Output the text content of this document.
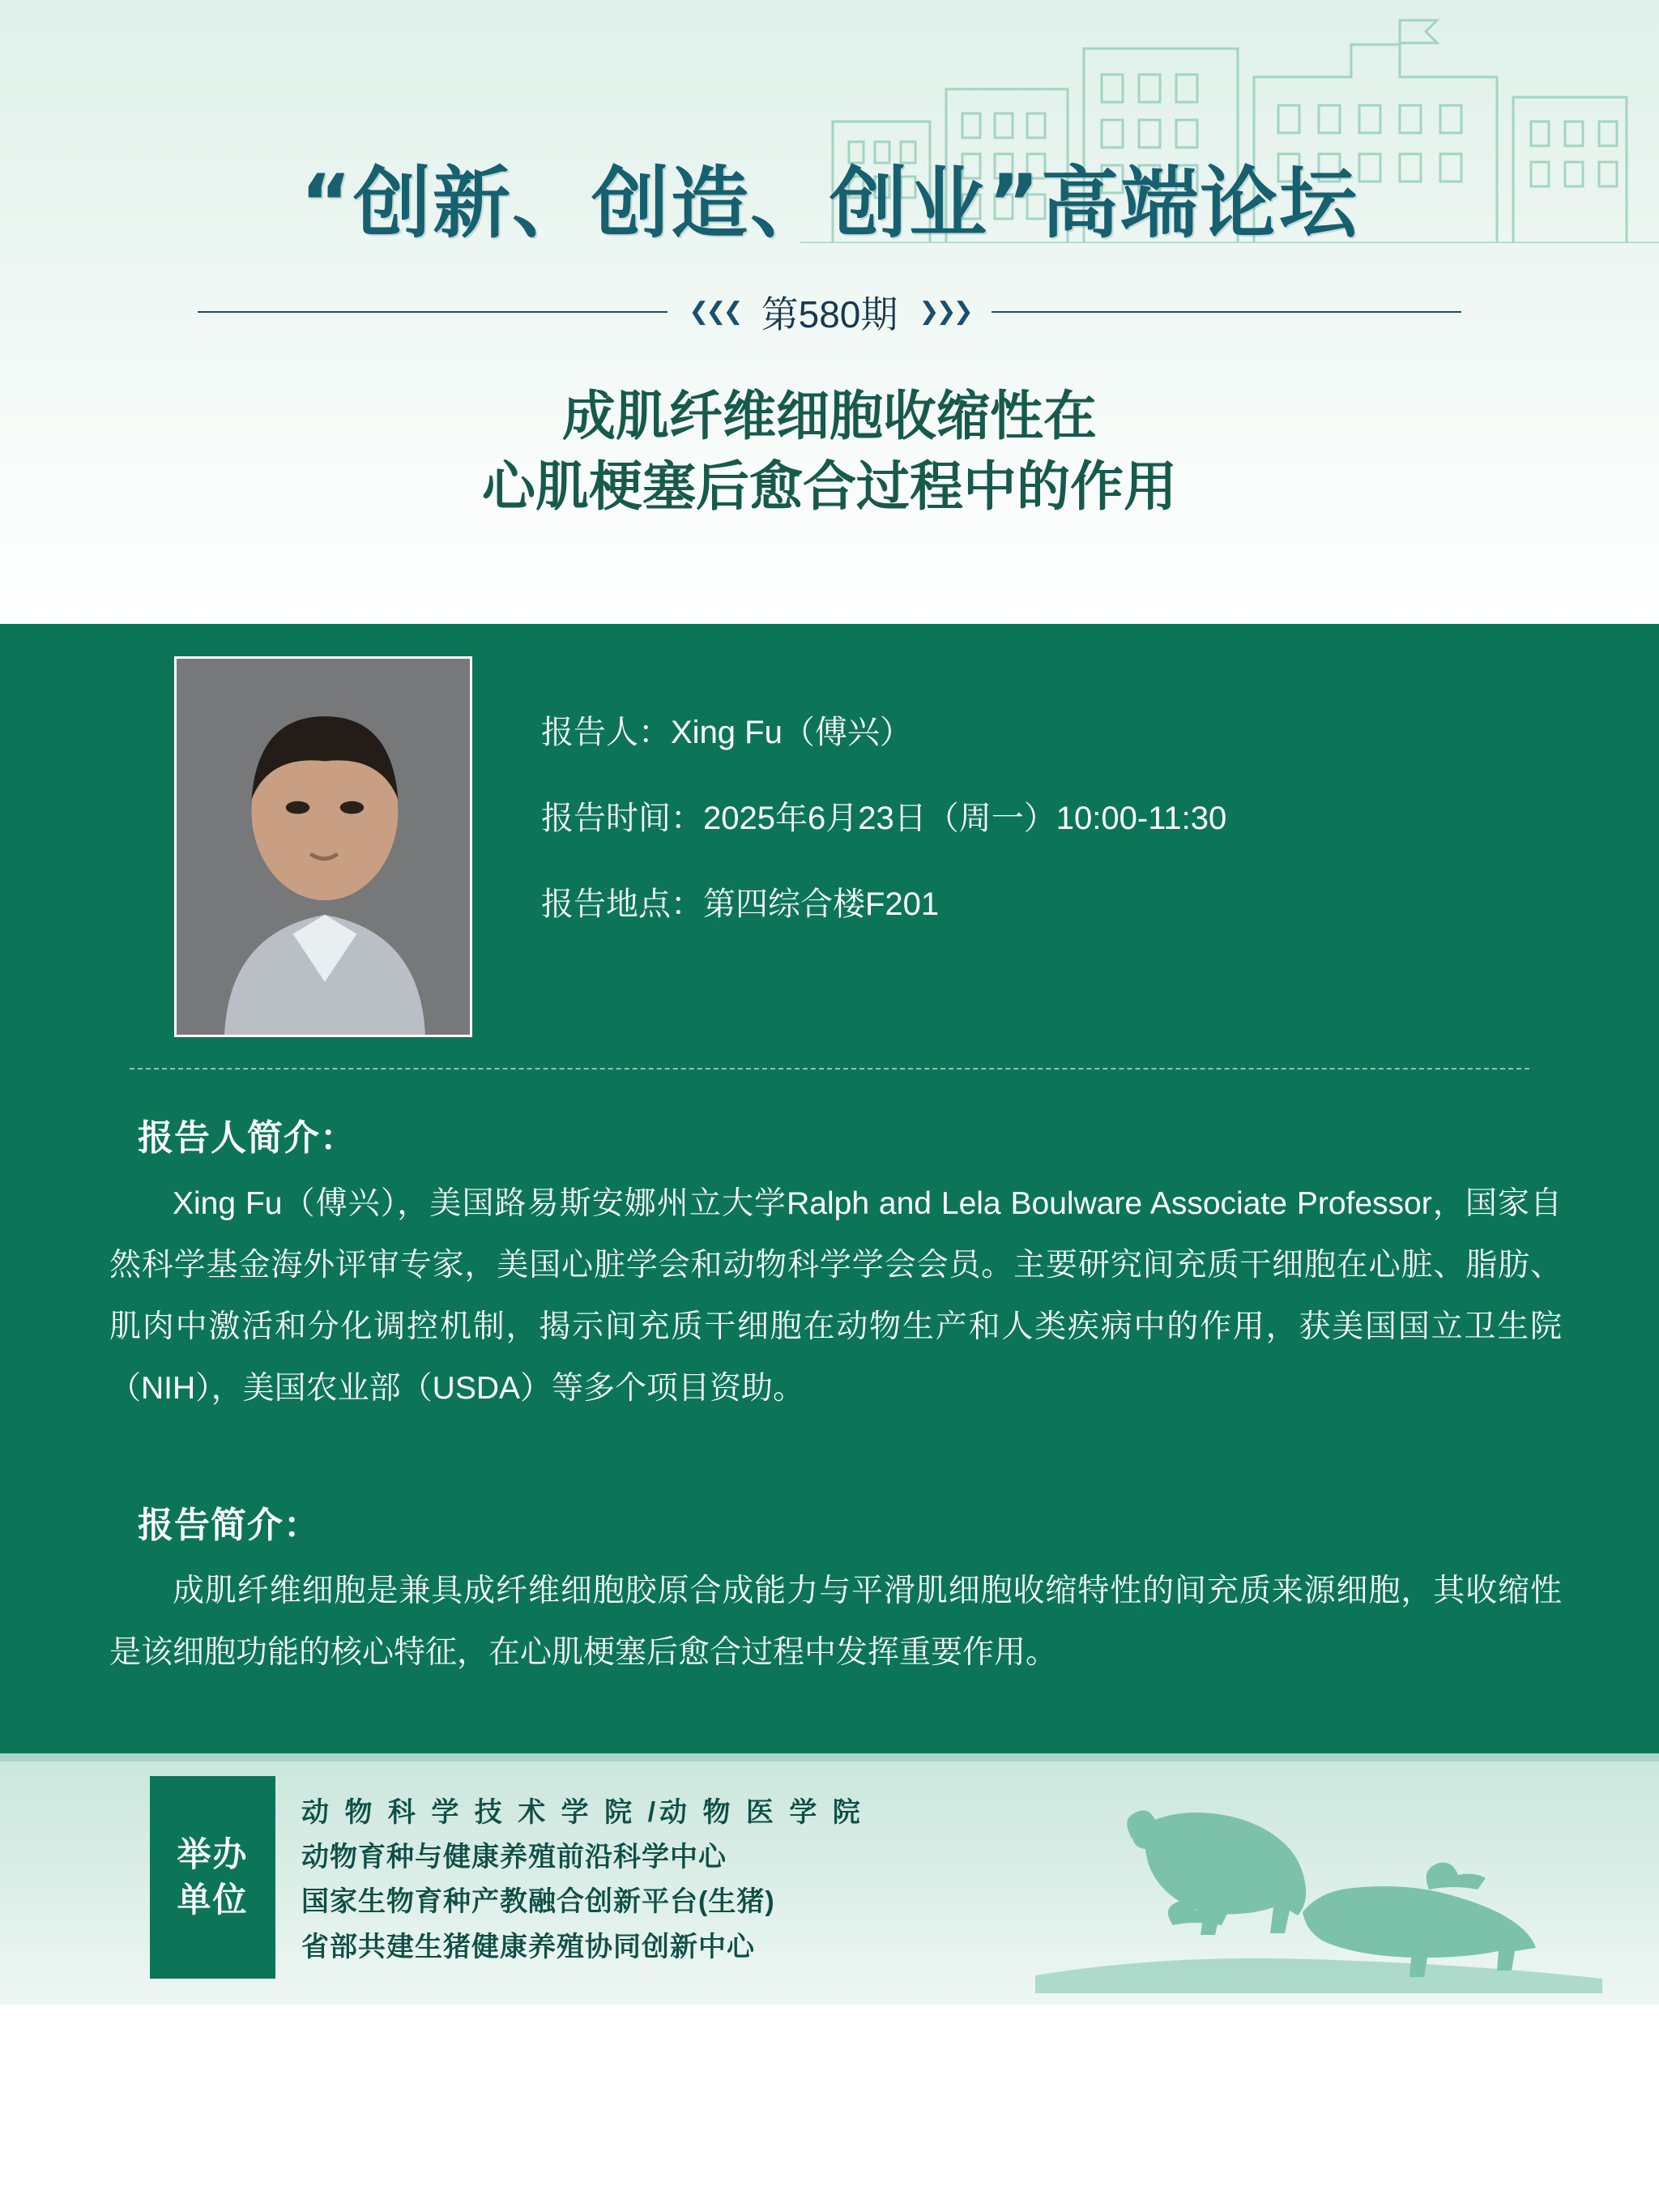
“创新、创造、创业”高端论坛
❮❮❮ 第580期 ❯❯❯
成肌纤维细胞收缩性在
心肌梗塞后愈合过程中的作用
报告人：Xing Fu（傅兴）
报告时间：2025年6月23日（周一）10:00-11:30
报告地点：第四综合楼F201
报告人简介：
Xing Fu（傅兴），美国路易斯安娜州立大学Ralph and Lela Boulware Associate Professor，国家自然科学基金海外评审专家，美国心脏学会和动物科学学会会员。主要研究间充质干细胞在心脏、脂肪、肌肉中激活和分化调控机制，揭示间充质干细胞在动物生产和人类疾病中的作用，获美国国立卫生院（NIH），美国农业部（USDA）等多个项目资助。
报告简介：
成肌纤维细胞是兼具成纤维细胞胶原合成能力与平滑肌细胞收缩特性的间充质来源细胞，其收缩性是该细胞功能的核心特征，在心肌梗塞后愈合过程中发挥重要作用。
举办
单位
动 物 科 学 技 术 学 院 /动 物 医 学 院
动物育种与健康养殖前沿科学中心
国家生物育种产教融合创新平台(生猪)
省部共建生猪健康养殖协同创新中心
